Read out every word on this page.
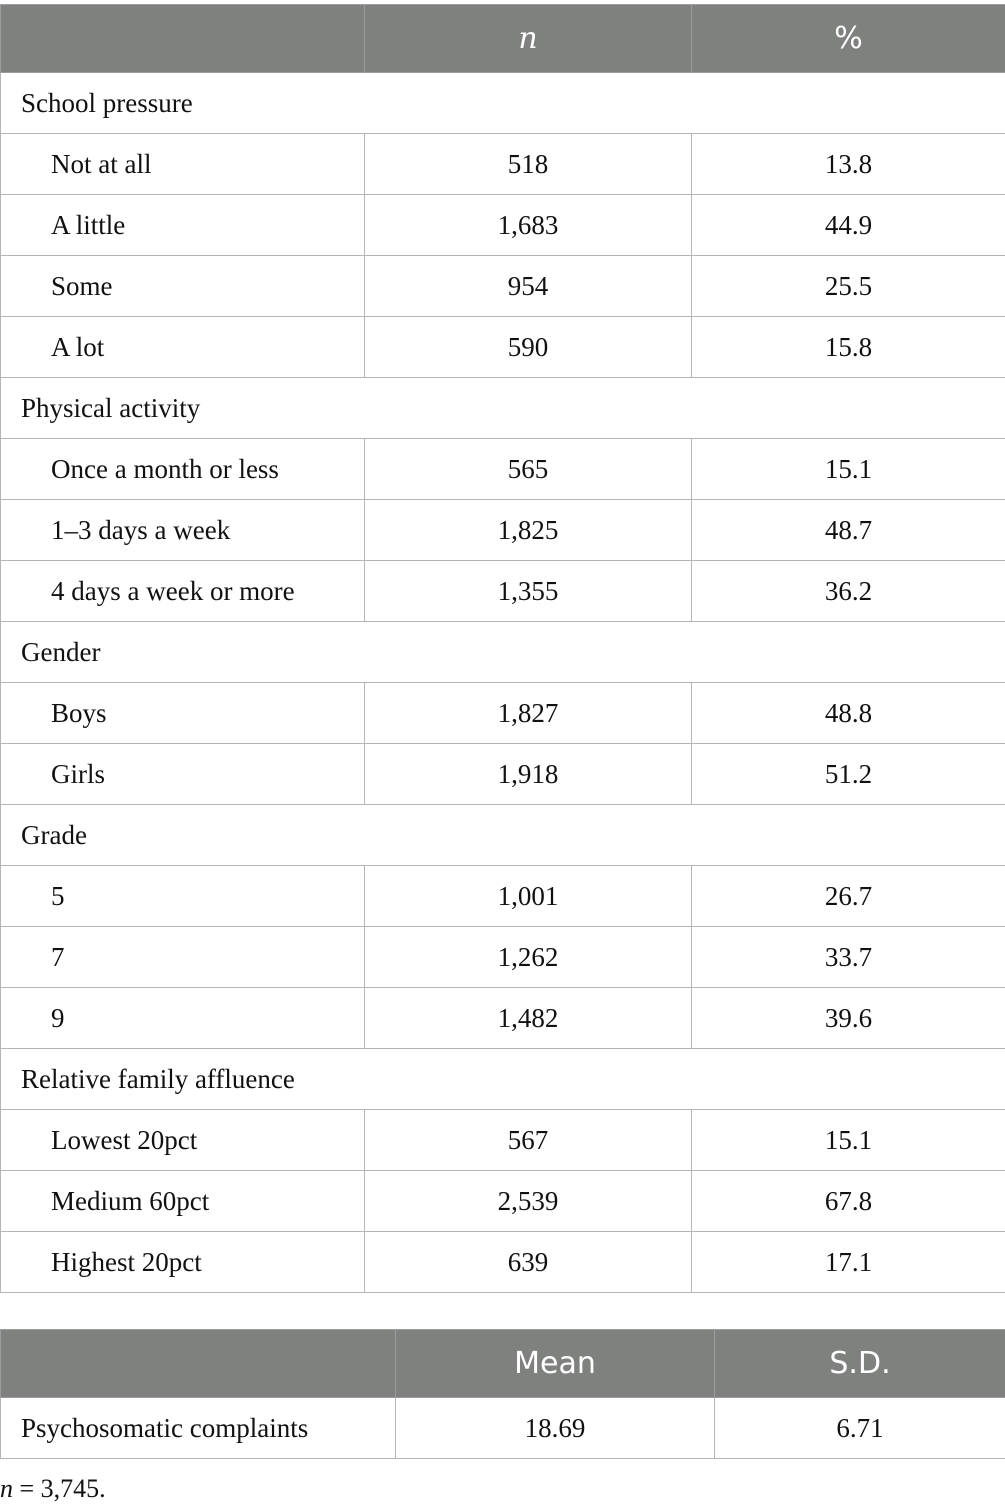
	n	%
School pressure		
Not at all	518	13.8
A little	1,683	44.9
Some	954	25.5
A lot	590	15.8
Physical activity		
Once a month or less	565	15.1
1–3 days a week	1,825	48.7
4 days a week or more	1,355	36.2
Gender		
Boys	1,827	48.8
Girls	1,918	51.2
Grade		
5	1,001	26.7
7	1,262	33.7
9	1,482	39.6
Relative family affluence		
Lowest 20pct	567	15.1
Medium 60pct	2,539	67.8
Highest 20pct	639	17.1
	Mean	S.D.
Psychosomatic complaints	18.69	6.71
n = 3,745.
